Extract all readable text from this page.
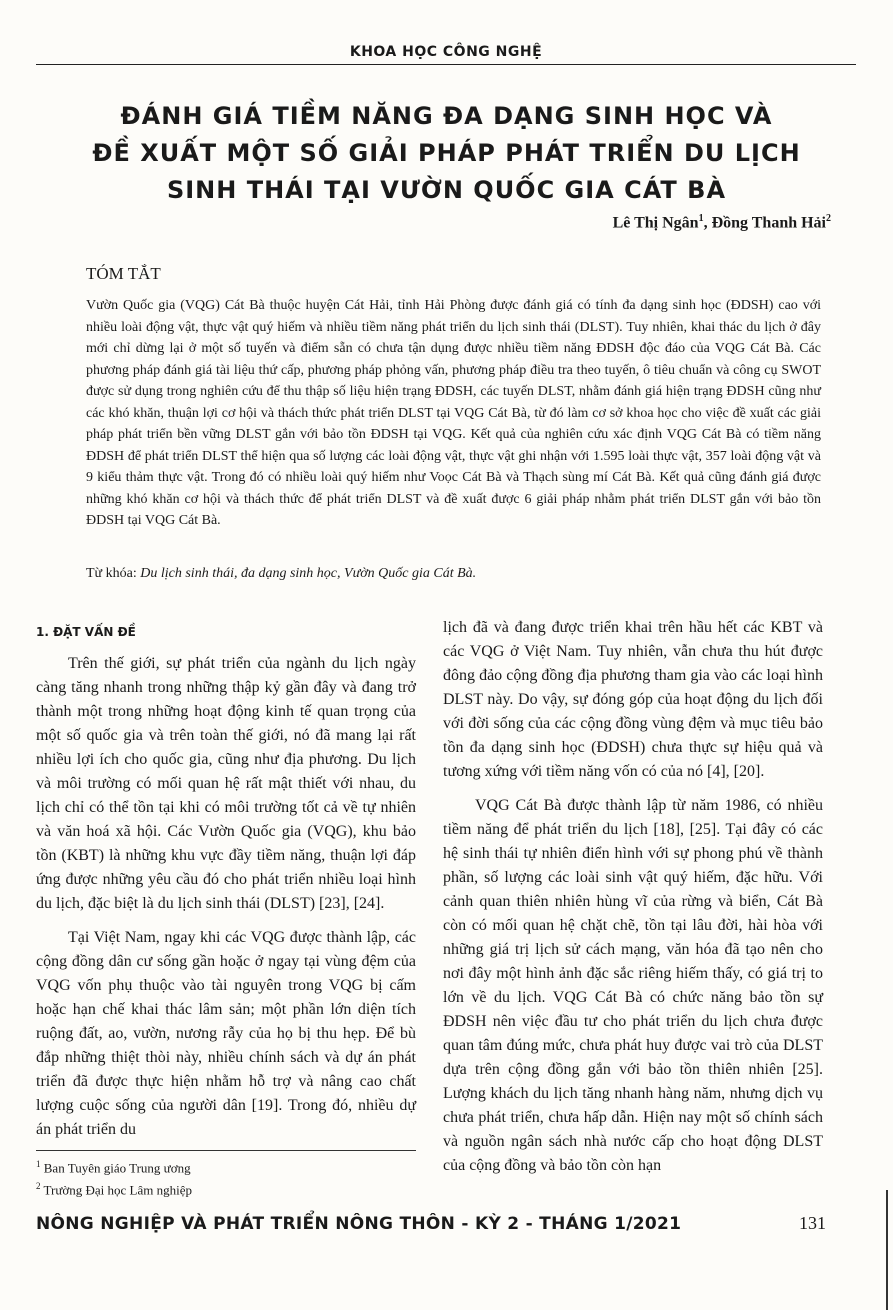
KHOA HỌC CÔNG NGHỆ
ĐÁNH GIÁ TIỀM NĂNG ĐA DẠNG SINH HỌC VÀ
ĐỀ XUẤT MỘT SỐ GIẢI PHÁP PHÁT TRIỂN DU LỊCH
SINH THÁI TẠI VƯỜN QUỐC GIA CÁT BÀ
Lê Thị Ngân$^1$, Đồng Thanh Hải$^2$
TÓM TẮT

Vườn Quốc gia (VQG) Cát Bà thuộc huyện Cát Hải, tỉnh Hải Phòng được đánh giá có tính đa dạng sinh học (ĐDSH) cao với nhiều loài động vật, thực vật quý hiếm và nhiều tiềm năng phát triển du lịch sinh thái (DLST). Tuy nhiên, khai thác du lịch ở đây mới chỉ dừng lại ở một số tuyến và điểm sẵn có chưa tận dụng được nhiều tiềm năng ĐDSH độc đáo của VQG Cát Bà. Các phương pháp đánh giá tài liệu thứ cấp, phương pháp phỏng vấn, phương pháp điều tra theo tuyến, ô tiêu chuẩn và công cụ SWOT được sử dụng trong nghiên cứu để thu thập số liệu hiện trạng ĐDSH, các tuyến DLST, nhằm đánh giá hiện trạng ĐDSH cũng như các khó khăn, thuận lợi cơ hội và thách thức phát triển DLST tại VQG Cát Bà, từ đó làm cơ sở khoa học cho việc đề xuất các giải pháp phát triển bền vững DLST gắn với bảo tồn ĐDSH tại VQG. Kết quả của nghiên cứu xác định VQG Cát Bà có tiềm năng ĐDSH để phát triển DLST thể hiện qua số lượng các loài động vật, thực vật ghi nhận với 1.595 loài thực vật, 357 loài động vật và 9 kiểu thảm thực vật. Trong đó có nhiều loài quý hiếm như Voọc Cát Bà và Thạch sùng mí Cát Bà. Kết quả cũng đánh giá được những khó khăn cơ hội và thách thức để phát triển DLST và đề xuất được 6 giải pháp nhằm phát triển DLST gắn với bảo tồn ĐDSH tại VQG Cát Bà.

Từ khóa: Du lịch sinh thái, đa dạng sinh học, Vườn Quốc gia Cát Bà.

1. ĐẶT VẤN ĐỀ

Trên thế giới, sự phát triển của ngành du lịch ngày càng tăng nhanh trong những thập kỷ gần đây và đang trở thành một trong những hoạt động kinh tế quan trọng của một số quốc gia và trên toàn thế giới, nó đã mang lại rất nhiều lợi ích cho quốc gia, cũng như địa phương. Du lịch và môi trường có mối quan hệ rất mật thiết với nhau, du lịch chỉ có thể tồn tại khi có môi trường tốt cả về tự nhiên và văn hoá xã hội. Các Vườn Quốc gia (VQG), khu bảo tồn (KBT) là những khu vực đầy tiềm năng, thuận lợi đáp ứng được những yêu cầu đó cho phát triển nhiều loại hình du lịch, đặc biệt là du lịch sinh thái (DLST) [23], [24].

Tại Việt Nam, ngay khi các VQG được thành lập, các cộng đồng dân cư sống gần hoặc ở ngay tại vùng đệm của VQG vốn phụ thuộc vào tài nguyên trong VQG bị cấm hoặc hạn chế khai thác lâm sản; một phần lớn diện tích ruộng đất, ao, vườn, nương rẫy của họ bị thu hẹp. Để bù đắp những thiệt thòi này, nhiều chính sách và dự án phát triển đã được thực hiện nhằm hỗ trợ và nâng cao chất lượng cuộc sống của người dân [19]. Trong đó, nhiều dự án phát triển du

lịch đã và đang được triển khai trên hầu hết các KBT và các VQG ở Việt Nam. Tuy nhiên, vẫn chưa thu hút được đông đảo cộng đồng địa phương tham gia vào các loại hình DLST này. Do vậy, sự đóng góp của hoạt động du lịch đối với đời sống của các cộng đồng vùng đệm và mục tiêu bảo tồn đa dạng sinh học (ĐDSH) chưa thực sự hiệu quả và tương xứng với tiềm năng vốn có của nó [4], [20].

VQG Cát Bà được thành lập từ năm 1986, có nhiều tiềm năng để phát triển du lịch [18], [25]. Tại đây có các hệ sinh thái tự nhiên điển hình với sự phong phú về thành phần, số lượng các loài sinh vật quý hiếm, đặc hữu. Với cảnh quan thiên nhiên hùng vĩ của rừng và biển, Cát Bà còn có mối quan hệ chặt chẽ, tồn tại lâu đời, hài hòa với những giá trị lịch sử cách mạng, văn hóa đã tạo nên cho nơi đây một hình ảnh đặc sắc riêng hiếm thấy, có giá trị to lớn về du lịch. VQG Cát Bà có chức năng bảo tồn sự ĐDSH nên việc đầu tư cho phát triển du lịch chưa được quan tâm đúng mức, chưa phát huy được vai trò của DLST dựa trên cộng đồng gắn với bảo tồn thiên nhiên [25]. Lượng khách du lịch tăng nhanh hàng năm, nhưng dịch vụ chưa phát triển, chưa hấp dẫn. Hiện nay một số chính sách và nguồn ngân sách nhà nước cấp cho hoạt động DLST của cộng đồng và bảo tồn còn hạn

$^1$ Ban Tuyên giáo Trung ương
$^2$ Trường Đại học Lâm nghiệp
NÔNG NGHIỆP VÀ PHÁT TRIỂN NÔNG THÔN - KỲ 2 - THÁNG 1/2021	131
